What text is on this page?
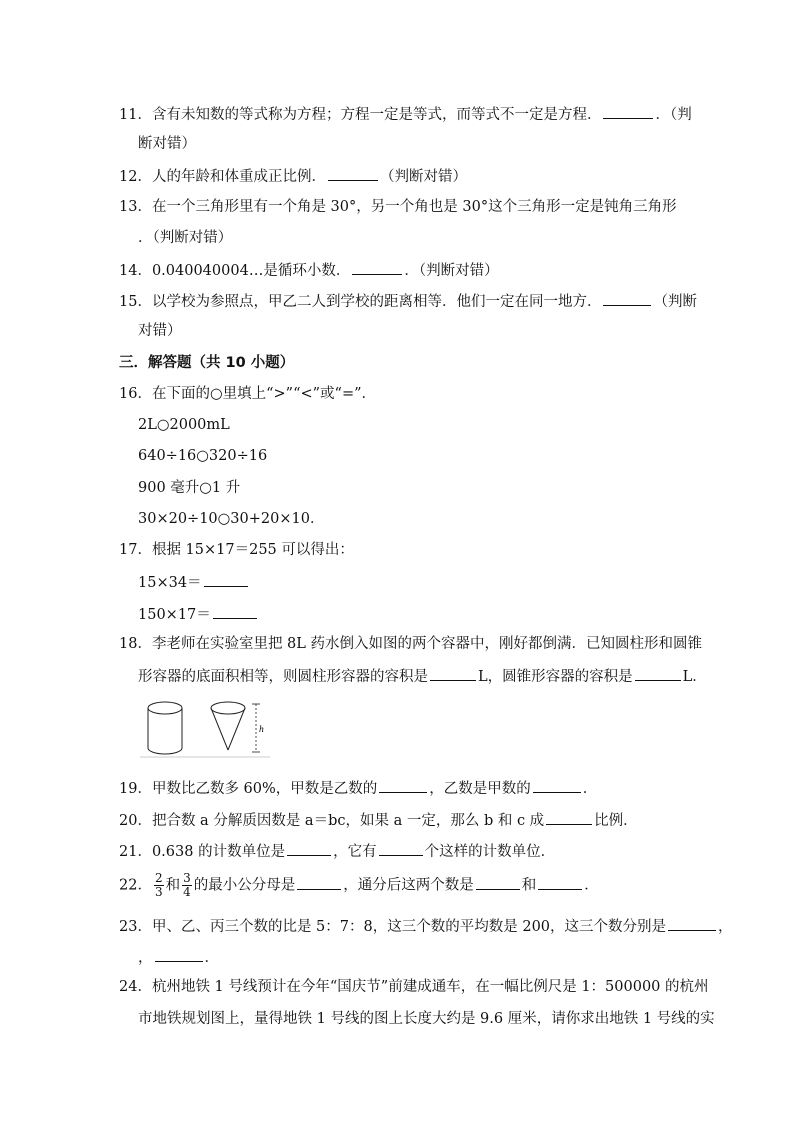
11．含有未知数的等式称为方程；方程一定是等式，而等式不一定是方程．	．（判
断对错）
12．人的年龄和体重成正比例．	（判断对错）
13．在一个三角形里有一个角是 30°，另一个角也是 30°这个三角形一定是钝角三角形
．（判断对错）
14．0.040040004…是循环小数．	．（判断对错）
15．以学校为参照点，甲乙二人到学校的距离相等．他们一定在同一地方．	（判断
对错）
三．解答题（共 10 小题）
16．在下面的○里填上“>”“<”或“=”．
2L○2000mL
640÷16○320÷16
900 毫升○1 升
30×20÷10○30+20×10．
17．根据 15×17＝255 可以得出：
15×34＝
150×17＝
18．李老师在实验室里把 8L 药水倒入如图的两个容器中，刚好都倒满．已知圆柱形和圆锥
形容器的底面积相等，则圆柱形容器的容积是	L，圆锥形容器的容积是	L．
h
19．甲数比乙数多 60%，甲数是乙数的	，乙数是甲数的	．
20．把合数 a 分解质因数是 a＝bc，如果 a 一定，那么 b 和 c 成	比例．
21．0.638 的计数单位是	，它有	个这样的计数单位．
22． $\frac{2}{3}$ 和 $\frac{3}{4}$ 的最小公分母是	，通分后这两个数是	和	．
23．甲、乙、丙三个数的比是 5：7：8，这三个数的平均数是 200，这三个数分别是	，
，	．
24．杭州地铁 1 号线预计在今年“国庆节”前建成通车，在一幅比例尺是 1：500000 的杭州
市地铁规划图上，量得地铁 1 号线的图上长度大约是 9.6 厘米，请你求出地铁 1 号线的实
